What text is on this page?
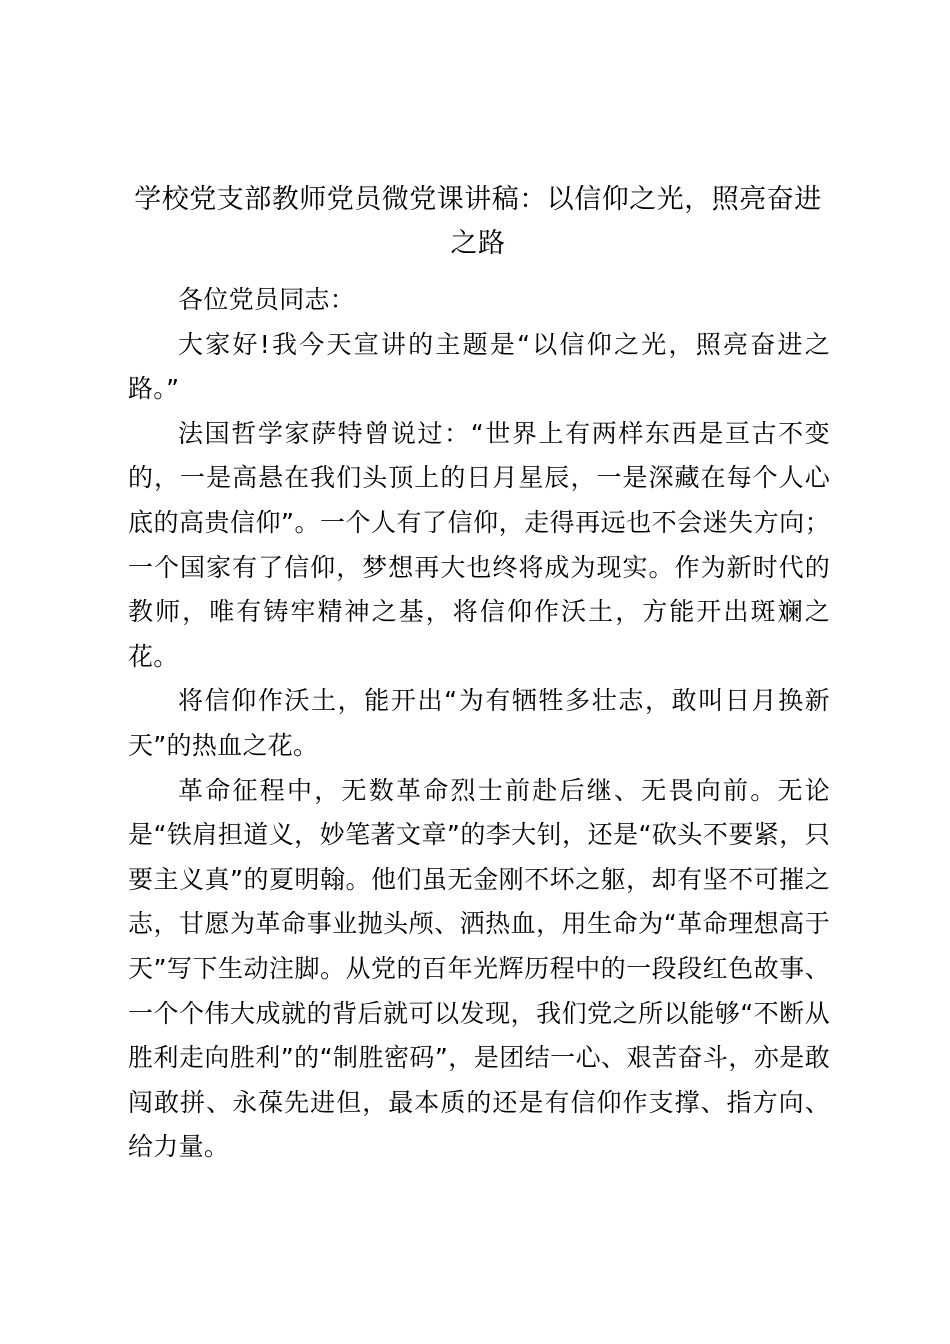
学校党支部教师党员微党课讲稿：以信仰之光，照亮奋进之路

各位党员同志：

大家好!我今天宣讲的主题是“以信仰之光，照亮奋进之路。”

法国哲学家萨特曾说过：“世界上有两样东西是亘古不变的，一是高悬在我们头顶上的日月星辰，一是深藏在每个人心底的高贵信仰”。一个人有了信仰，走得再远也不会迷失方向；一个国家有了信仰，梦想再大也终将成为现实。作为新时代的教师，唯有铸牢精神之基，将信仰作沃土，方能开出斑斓之花。

将信仰作沃土，能开出“为有牺牲多壮志，敢叫日月换新天”的热血之花。

革命征程中，无数革命烈士前赴后继、无畏向前。无论是“铁肩担道义，妙笔著文章”的李大钊，还是“砍头不要紧，只要主义真”的夏明翰。他们虽无金刚不坏之躯，却有坚不可摧之志，甘愿为革命事业抛头颅、洒热血，用生命为“革命理想高于天”写下生动注脚。从党的百年光辉历程中的一段段红色故事、一个个伟大成就的背后就可以发现，我们党之所以能够“不断从胜利走向胜利”的“制胜密码”，是团结一心、艰苦奋斗，亦是敢闯敢拼、永葆先进但，最本质的还是有信仰作支撑、指方向、给力量。
